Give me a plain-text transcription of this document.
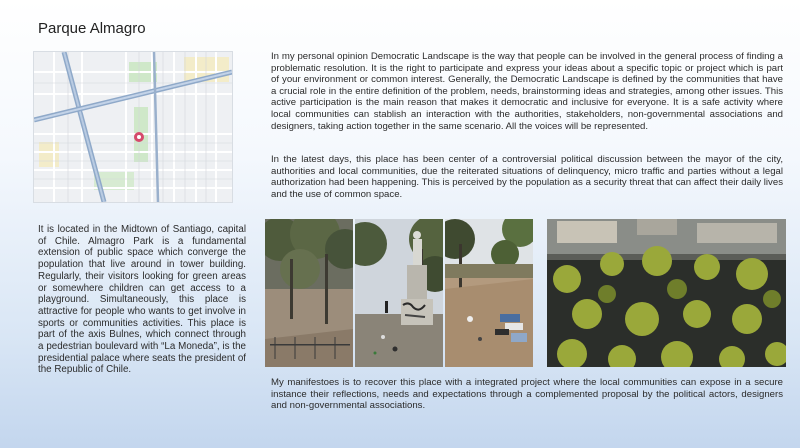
Parque Almagro

In my personal opinion Democratic Landscape is the way that people can be involved in the general process of finding a problematic resolution. It is the right to participate and express your ideas about a specific topic or project which is part of your environment or common interest. Generally, the Democratic Landscape is defined by the communities that have a crucial role in the entire definition of the problem, needs, brainstorming ideas and strategies, among other issues. This active participation is the main reason that makes it democratic and inclusive for everyone. It is a safe activity where local communities can stablish an interaction with the authorities, stakeholders, non-governmental associations and designers, taking action together in the same scenario. All the voices will be represented.

In the latest days, this place has been center of a controversial political discussion between the mayor of the city, authorities and local communities, due the reiterated situations of delinquency, micro traffic and parties without a legal authorization had been happening. This is perceived by the population as a security threat that can affect their daily lives and the use of common space.

It is located in the Midtown of Santiago, capital of Chile. Almagro Park is a fundamental extension of public space which converge the population that live around in tower building. Regularly, their visitors looking for green areas or somewhere children can get access to a playground. Simultaneously, this place is attractive for people who wants to get involve in sports or communities activities. This place is part of the axis Bulnes, which connect through a pedestrian boulevard with “La Moneda”, is the presidential palace where seats the president of the Republic of Chile.

My manifestoes is to recover this place with a integrated project where the local communities can expose in a secure instance their reflections, needs and expectations through a complemented proposal by the political actors, designers and non-governmental associations.
